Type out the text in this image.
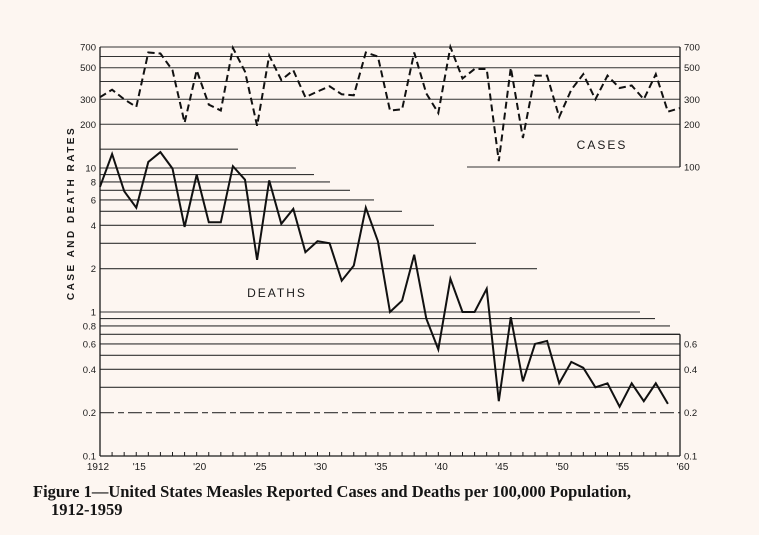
1912 '15	'20	'25	'30	'35	'40	'45	'50	'55	'60
700
500
300
200
700
500
300
200
100
10
8
6
4
2
1
0.8
0.6
0.4
0.2
0.1
0.6
0.4
0.2
0.1
CASE AND DEATH RATES	CASES
DEATHS
Figure 1—United States Measles Reported Cases and Deaths per 100,000 Population,
1912-1959
